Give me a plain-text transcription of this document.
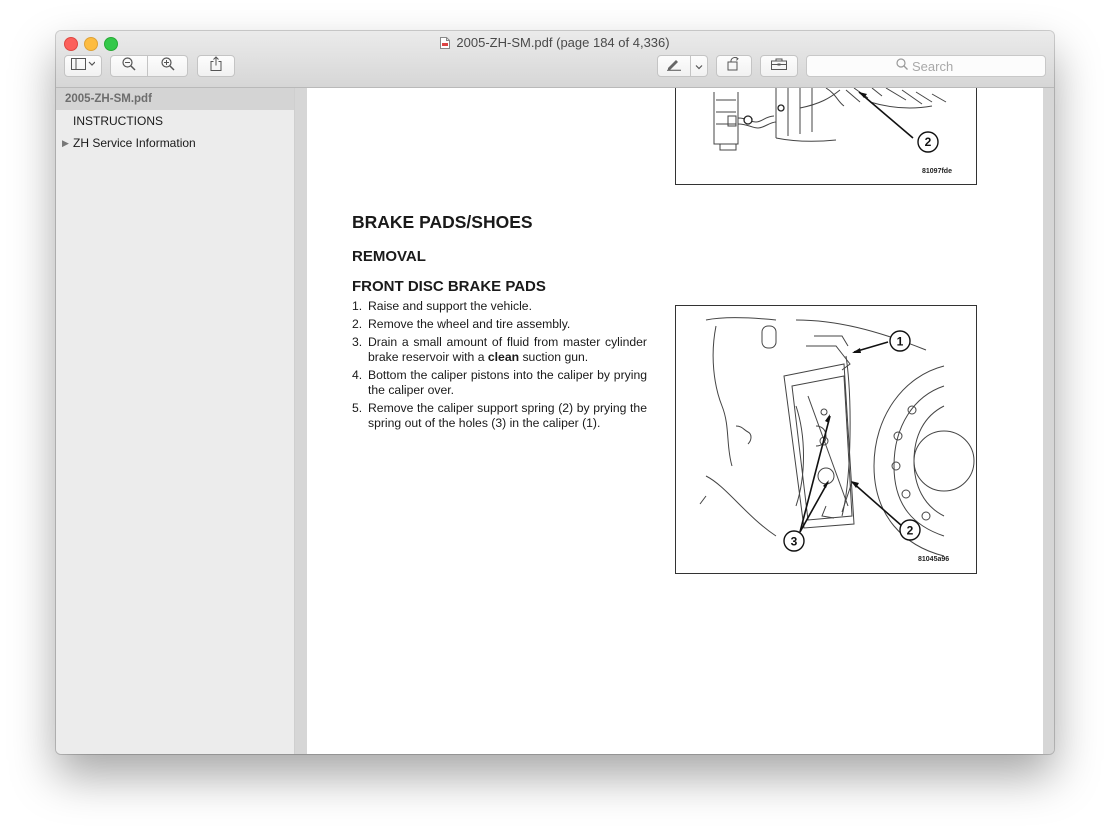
2005-ZH-SM.pdf (page 184 of 4,336)
Search
2005-ZH-SM.pdf
INSTRUCTIONS
▶ ZH Service Information	2
81097fde
BRAKE PADS/SHOES
REMOVAL
FRONT DISC BRAKE PADS
1. Raise and support the vehicle.
2. Remove the wheel and tire assembly.
3. Drain a small amount of fluid from master cylinder brake reservoir with a clean suction gun.
4. Bottom the caliper pistons into the caliper by prying the caliper over.
5. Remove the caliper support spring (2) by prying the spring out of the holes (3) in the caliper (1).
1
2
3
81045a96
